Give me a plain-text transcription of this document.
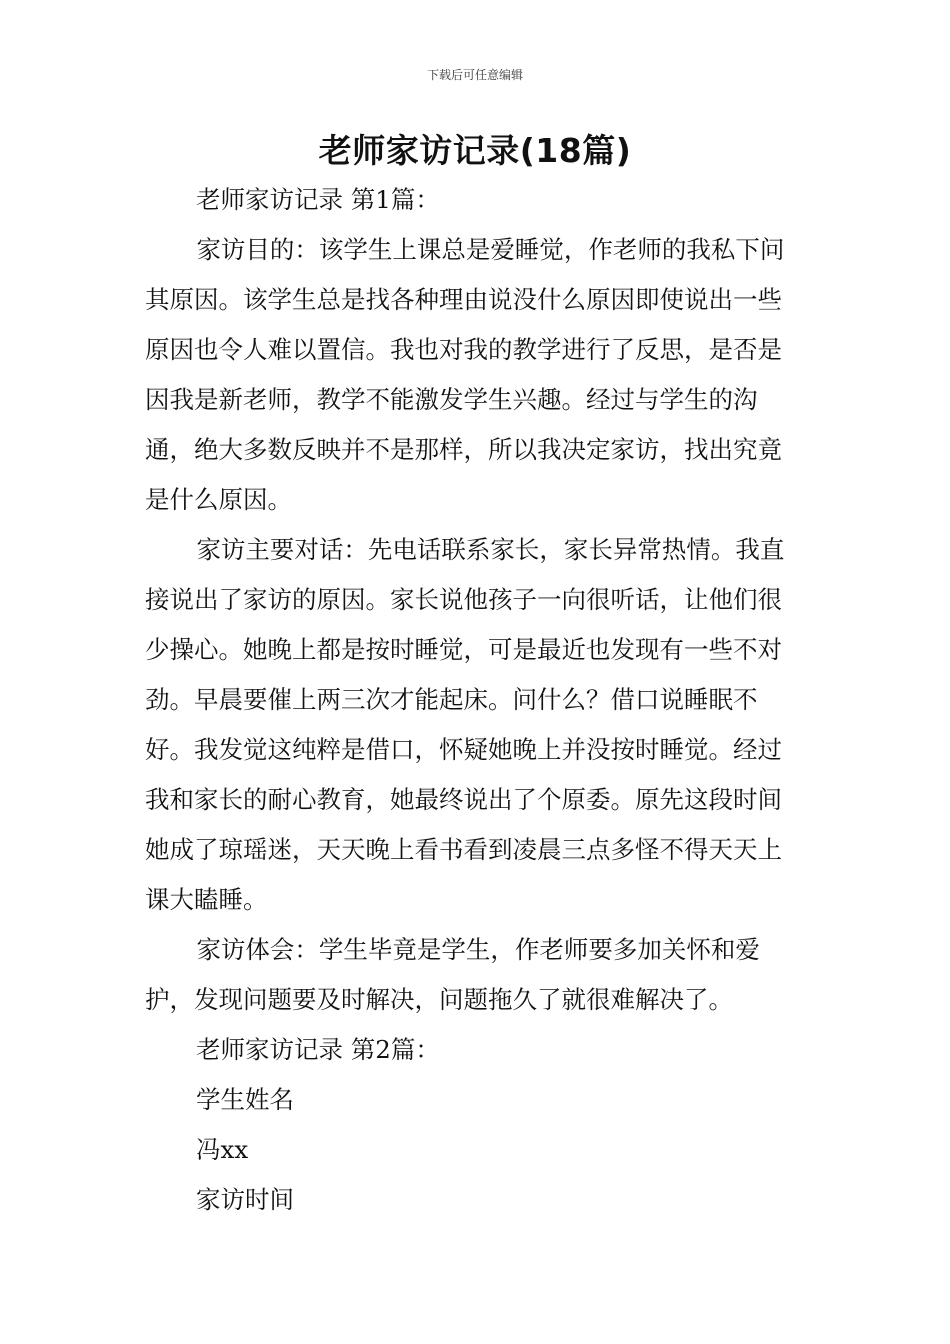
下载后可任意编辑
老师家访记录(18篇)

老师家访记录 第1篇：

家访目的：该学生上课总是爱睡觉，作老师的我私下问其原因。该学生总是找各种理由说没什么原因即使说出一些原因也令人难以置信。我也对我的教学进行了反思，是否是因我是新老师，教学不能激发学生兴趣。经过与学生的沟通，绝大多数反映并不是那样，所以我决定家访，找出究竟是什么原因。

家访主要对话：先电话联系家长，家长异常热情。我直接说出了家访的原因。家长说他孩子一向很听话，让他们很少操心。她晚上都是按时睡觉，可是最近也发现有一些不对劲。早晨要催上两三次才能起床。问什么？借口说睡眠不好。我发觉这纯粹是借口，怀疑她晚上并没按时睡觉。经过我和家长的耐心教育，她最终说出了个原委。原先这段时间她成了琼瑶迷，天天晚上看书看到凌晨三点多怪不得天天上课大瞌睡。

家访体会：学生毕竟是学生，作老师要多加关怀和爱护，发现问题要及时解决，问题拖久了就很难解决了。

老师家访记录 第2篇：

学生姓名

冯xx

家访时间
